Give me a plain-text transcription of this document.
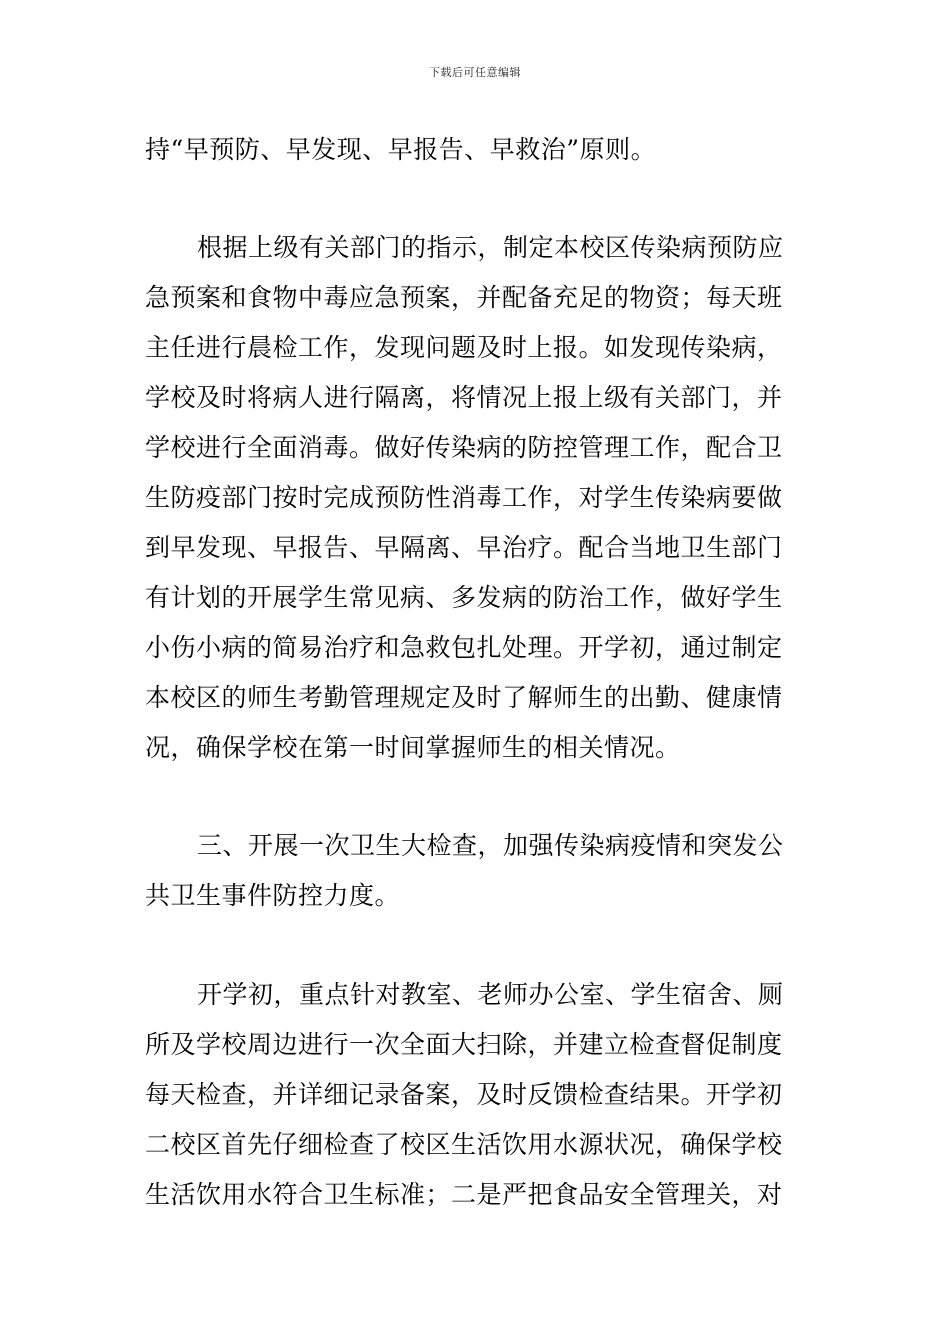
下载后可任意编辑
持“早预防、早发现、早报告、早救治”原则。
根据上级有关部门的指示，制定本校区传染病预防应
急预案和食物中毒应急预案，并配备充足的物资；每天班
主任进行晨检工作，发现问题及时上报。如发现传染病，
学校及时将病人进行隔离，将情况上报上级有关部门，并
学校进行全面消毒。做好传染病的防控管理工作，配合卫
生防疫部门按时完成预防性消毒工作，对学生传染病要做
到早发现、早报告、早隔离、早治疗。配合当地卫生部门
有计划的开展学生常见病、多发病的防治工作，做好学生
小伤小病的简易治疗和急救包扎处理。开学初，通过制定
本校区的师生考勤管理规定及时了解师生的出勤、健康情
况，确保学校在第一时间掌握师生的相关情况。
三、开展一次卫生大检查，加强传染病疫情和突发公
共卫生事件防控力度。
开学初，重点针对教室、老师办公室、学生宿舍、厕
所及学校周边进行一次全面大扫除，并建立检查督促制度
每天检查，并详细记录备案，及时反馈检查结果。开学初
二校区首先仔细检查了校区生活饮用水源状况，确保学校
生活饮用水符合卫生标准；二是严把食品安全管理关，对
